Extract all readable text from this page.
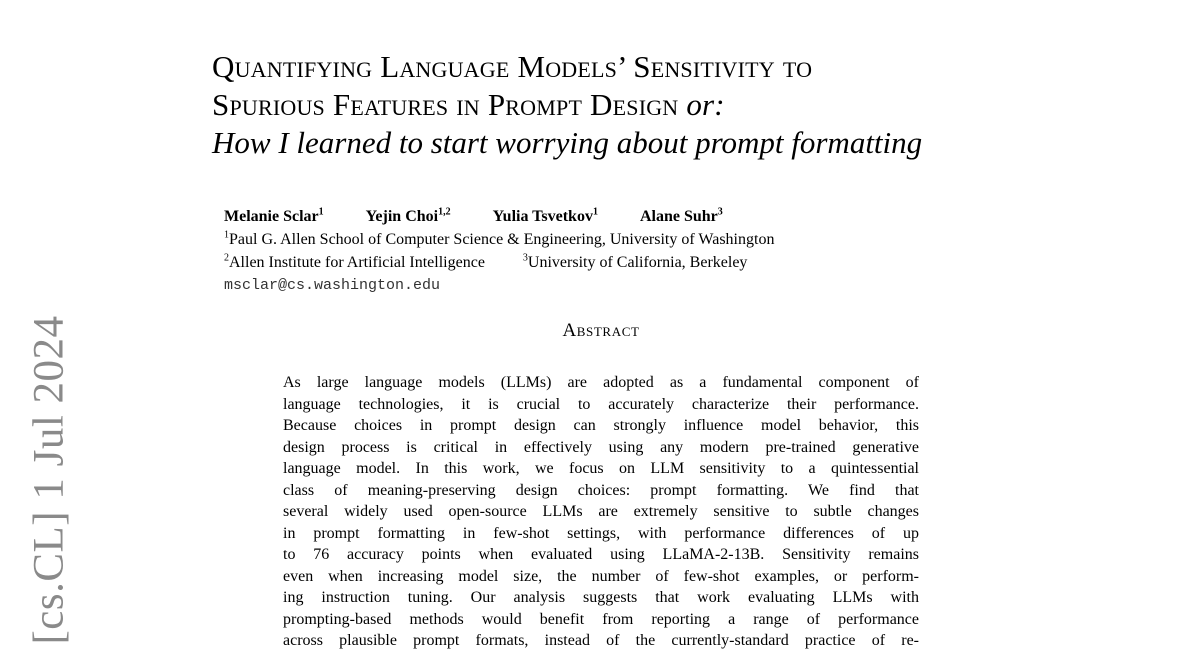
[cs.CL] 1 Jul 2024
Quantifying Language Models’ Sensitivity to
Spurious Features in Prompt Design or:
How I learned to start worrying about prompt formatting
Melanie Sclar$^1$	Yejin Choi$^{1,2}$	Yulia Tsvetkov$^1$	Alane Suhr$^3$
$^1$Paul G. Allen School of Computer Science & Engineering, University of Washington
$^2$Allen Institute for Artificial Intelligence	$^3$University of California, Berkeley
msclar@cs.washington.edu
Abstract
As large language models (LLMs) are adopted as a fundamental component of
language technologies, it is crucial to accurately characterize their performance.
Because choices in prompt design can strongly influence model behavior, this
design process is critical in effectively using any modern pre-trained generative
language model. In this work, we focus on LLM sensitivity to a quintessential
class of meaning-preserving design choices: prompt formatting. We find that
several widely used open-source LLMs are extremely sensitive to subtle changes
in prompt formatting in few-shot settings, with performance differences of up
to 76 accuracy points when evaluated using LLaMA-2-13B. Sensitivity remains
even when increasing model size, the number of few-shot examples, or perform-
ing instruction tuning. Our analysis suggests that work evaluating LLMs with
prompting-based methods would benefit from reporting a range of performance
across plausible prompt formats, instead of the currently-standard practice of re-
